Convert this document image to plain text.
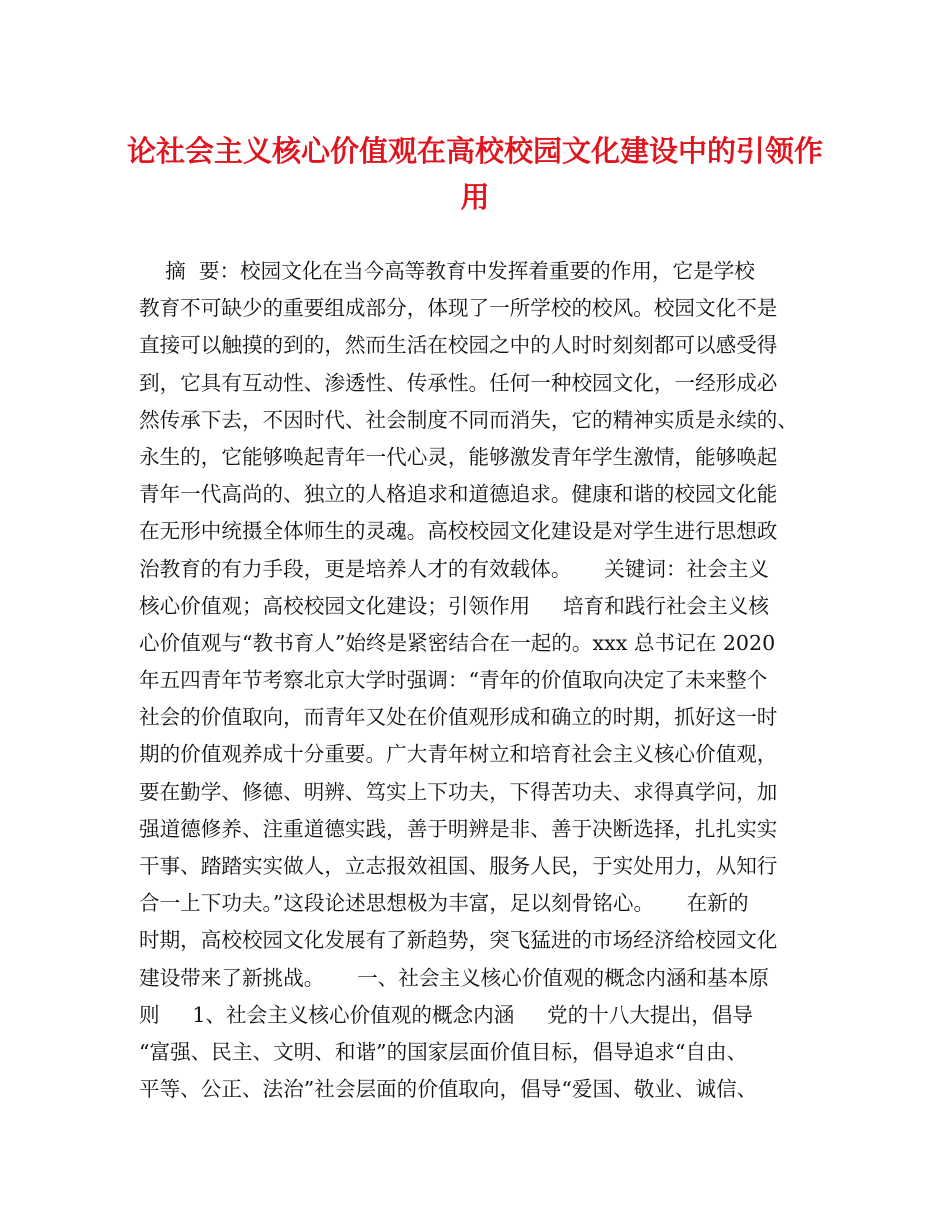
论社会主义核心价值观在高校校园文化建设中的引领作
用
摘  要：校园文化在当今高等教育中发挥着重要的作用，它是学校
教育不可缺少的重要组成部分，体现了一所学校的校风。校园文化不是
直接可以触摸的到的，然而生活在校园之中的人时时刻刻都可以感受得
到，它具有互动性、渗透性、传承性。任何一种校园文化，一经形成必
然传承下去，不因时代、社会制度不同而消失，它的精神实质是永续的、
永生的，它能够唤起青年一代心灵，能够激发青年学生激情，能够唤起
青年一代高尚的、独立的人格追求和道德追求。健康和谐的校园文化能
在无形中统摄全体师生的灵魂。高校校园文化建设是对学生进行思想政
治教育的有力手段，更是培养人才的有效载体。     关键词：社会主义
核心价值观；高校校园文化建设；引领作用     培育和践行社会主义核
心价值观与“教书育人”始终是紧密结合在一起的。xxx 总书记在 2020
年五四青年节考察北京大学时强调：“青年的价值取向决定了未来整个
社会的价值取向，而青年又处在价值观形成和确立的时期，抓好这一时
期的价值观养成十分重要。广大青年树立和培育社会主义核心价值观，
要在勤学、修德、明辨、笃实上下功夫，下得苦功夫、求得真学问，加
强道德修养、注重道德实践，善于明辨是非、善于决断选择，扎扎实实
干事、踏踏实实做人，立志报效祖国、服务人民，于实处用力，从知行
合一上下功夫。”这段论述思想极为丰富，足以刻骨铭心。     在新的
时期，高校校园文化发展有了新趋势，突飞猛进的市场经济给校园文化
建设带来了新挑战。     一、社会主义核心价值观的概念内涵和基本原
则     1、社会主义核心价值观的概念内涵     党的十八大提出，倡导
“富强、民主、文明、和谐”的国家层面价值目标，倡导追求“自由、
平等、公正、法治”社会层面的价值取向，倡导“爱国、敬业、诚信、
